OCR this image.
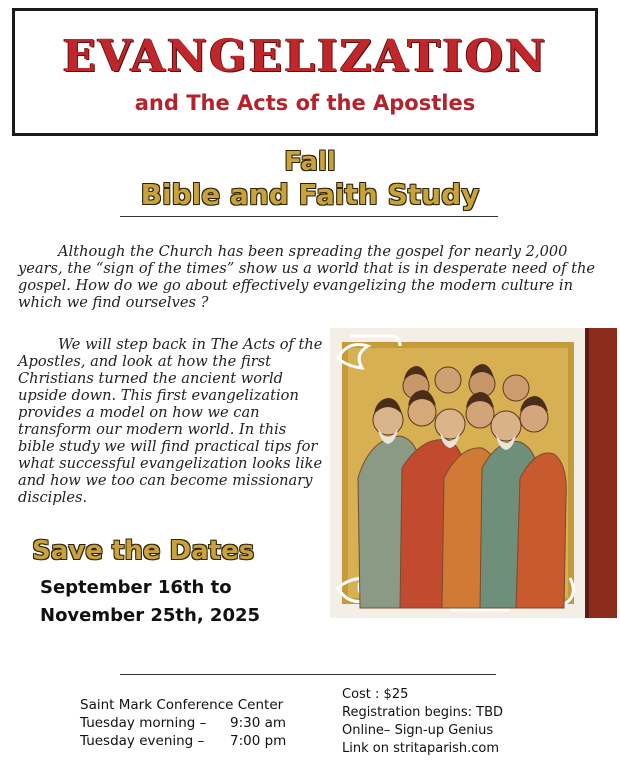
EVANGELIZATION
and The Acts of the Apostles
Fall
Bible and Faith Study
Although the Church has been spreading the gospel for nearly 2,000 years, the “sign of the times” show us a world that is in desperate need of the gospel. How do we go about effectively evangelizing the modern culture in which we find ourselves ?
We will step back in The Acts of the Apostles, and look at how the first Christians turned the ancient world upside down. This first evangelization provides a model on how we can transform our modern world. In this bible study we will find practical tips for what successful evangelization looks like and how we too can become missionary disciples.
Save the Dates
September 16th to
November 25th, 2025
Saint Mark Conference Center
Tuesday morning –	9:30 am
Tuesday evening –	7:00 pm
Cost : $25
Registration begins: TBD
Online– Sign-up Genius
Link on stritaparish.com
